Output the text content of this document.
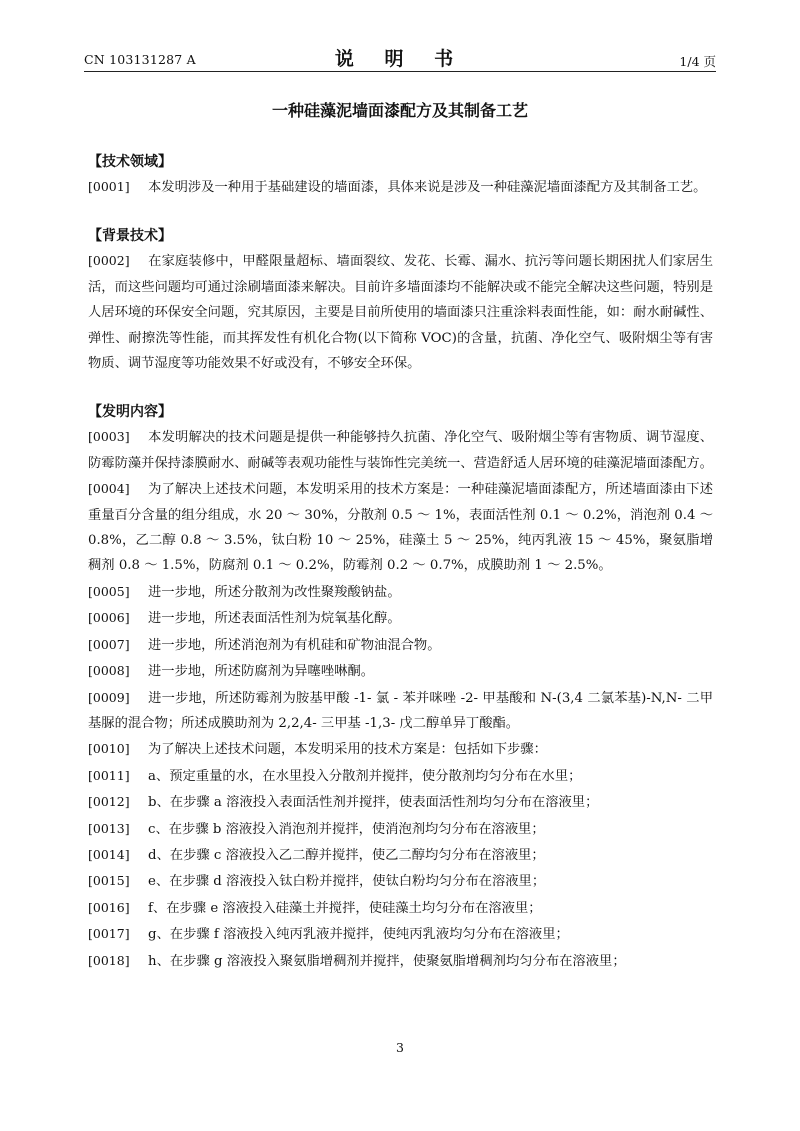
CN 103131287 A	说 明 书	1/4 页
一种硅藻泥墙面漆配方及其制备工艺
【技术领域】
[0001] 本发明涉及一种用于基础建设的墙面漆，具体来说是涉及一种硅藻泥墙面漆配方及其制备工艺。
【背景技术】
[0002] 在家庭装修中，甲醛限量超标、墙面裂纹、发花、长霉、漏水、抗污等问题长期困扰人们家居生活，而这些问题均可通过涂刷墙面漆来解决。目前许多墙面漆均不能解决或不能完全解决这些问题，特别是人居环境的环保安全问题，究其原因，主要是目前所使用的墙面漆只注重涂料表面性能，如：耐水耐碱性、弹性、耐擦洗等性能，而其挥发性有机化合物(以下简称 VOC)的含量，抗菌、净化空气、吸附烟尘等有害物质、调节湿度等功能效果不好或没有，不够安全环保。
【发明内容】
[0003] 本发明解决的技术问题是提供一种能够持久抗菌、净化空气、吸附烟尘等有害物质、调节湿度、防霉防藻并保持漆膜耐水、耐碱等表观功能性与装饰性完美统一、营造舒适人居环境的硅藻泥墙面漆配方。
[0004] 为了解决上述技术问题，本发明采用的技术方案是：一种硅藻泥墙面漆配方，所述墙面漆由下述重量百分含量的组分组成，水 20 ～ 30%，分散剂 0.5 ～ 1%，表面活性剂 0.1 ～ 0.2%，消泡剂 0.4 ～ 0.8%，乙二醇 0.8 ～ 3.5%，钛白粉 10 ～ 25%，硅藻土 5 ～ 25%，纯丙乳液 15 ～ 45%，聚氨脂增稠剂 0.8 ～ 1.5%，防腐剂 0.1 ～ 0.2%，防霉剂 0.2 ～ 0.7%，成膜助剂 1 ～ 2.5%。
[0005] 进一步地，所述分散剂为改性聚羧酸钠盐。
[0006] 进一步地，所述表面活性剂为烷氧基化醇。
[0007] 进一步地，所述消泡剂为有机硅和矿物油混合物。
[0008] 进一步地，所述防腐剂为异噻唑啉酮。
[0009] 进一步地，所述防霉剂为胺基甲酸 -1- 氯 - 苯并咪唑 -2- 甲基酸和 N-(3,4 二氯苯基)-N,N- 二甲基脲的混合物；所述成膜助剂为 2,2,4- 三甲基 -1,3- 戊二醇单异丁酸酯。
[0010] 为了解决上述技术问题，本发明采用的技术方案是：包括如下步骤：
[0011] a、预定重量的水，在水里投入分散剂并搅拌，使分散剂均匀分布在水里；
[0012] b、在步骤 a 溶液投入表面活性剂并搅拌，使表面活性剂均匀分布在溶液里；
[0013] c、在步骤 b 溶液投入消泡剂并搅拌，使消泡剂均匀分布在溶液里；
[0014] d、在步骤 c 溶液投入乙二醇并搅拌，使乙二醇均匀分布在溶液里；
[0015] e、在步骤 d 溶液投入钛白粉并搅拌，使钛白粉均匀分布在溶液里；
[0016] f、在步骤 e 溶液投入硅藻土并搅拌，使硅藻土均匀分布在溶液里；
[0017] g、在步骤 f 溶液投入纯丙乳液并搅拌，使纯丙乳液均匀分布在溶液里；
[0018] h、在步骤 g 溶液投入聚氨脂增稠剂并搅拌，使聚氨脂增稠剂均匀分布在溶液里；
3
